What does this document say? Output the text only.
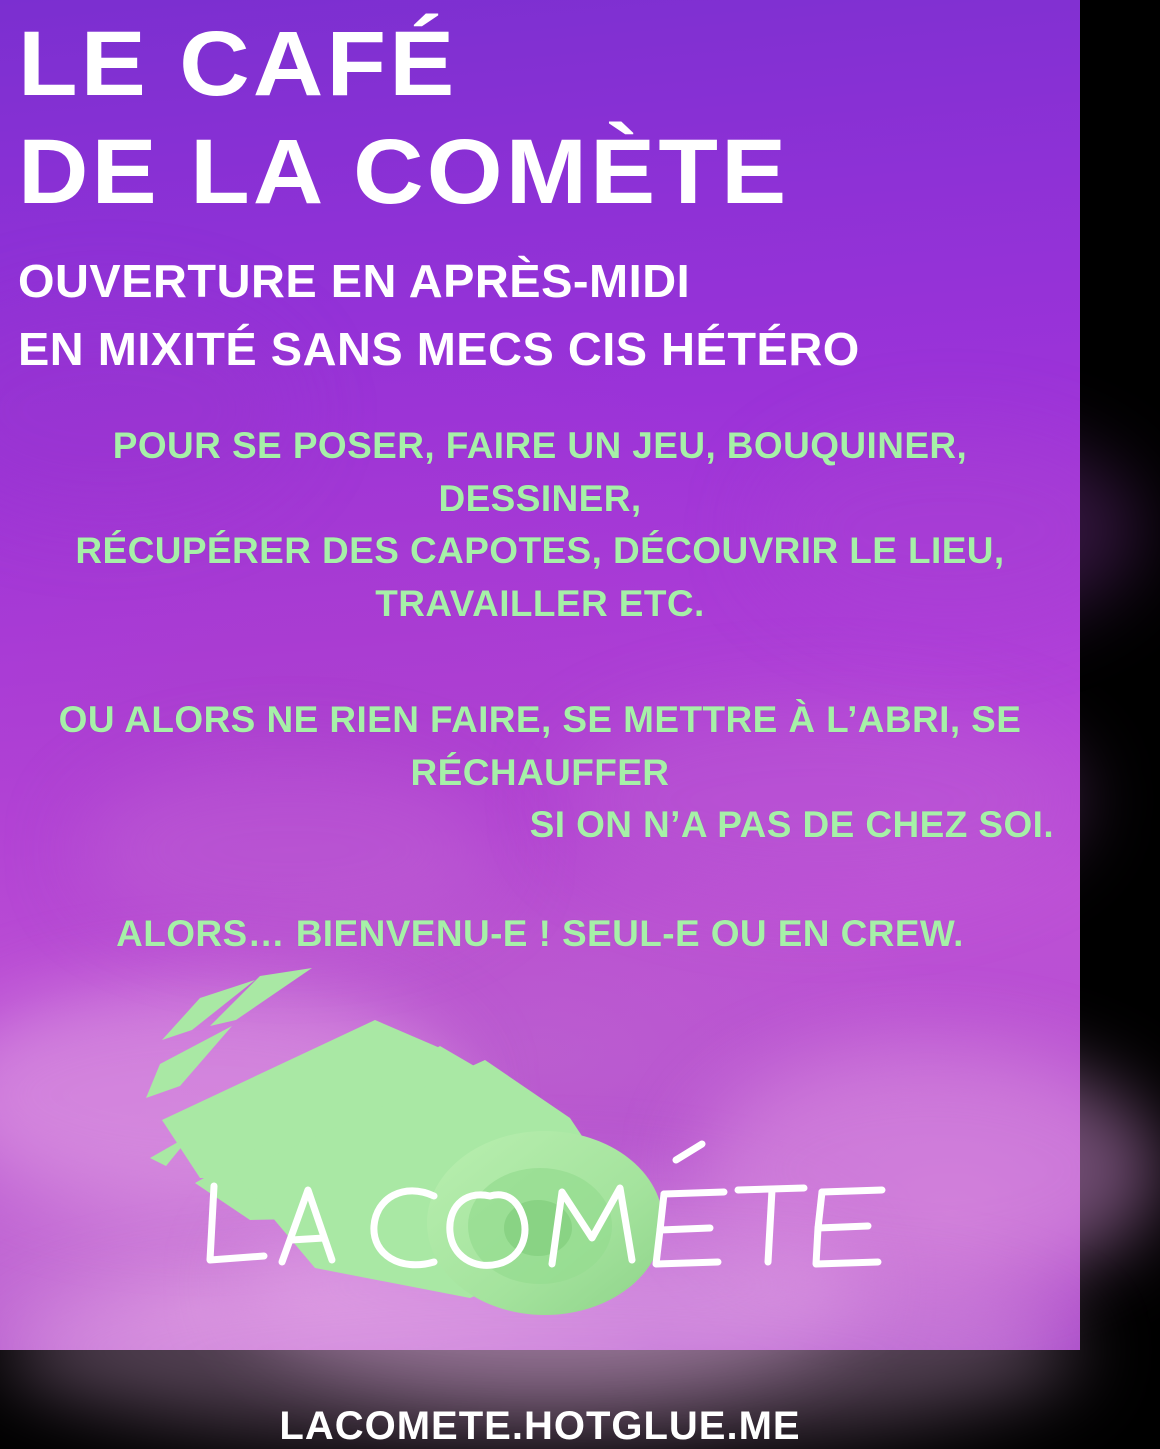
LE CAFÉ
DE LA COMÈTE
OUVERTURE EN APRÈS-MIDI
EN MIXITÉ SANS MECS CIS HÉTÉRO

POUR SE POSER, FAIRE UN JEU, BOUQUINER, DESSINER,

RÉCUPÉRER DES CAPOTES, DÉCOUVRIR LE LIEU, TRAVAILLER ETC.

OU ALORS NE RIEN FAIRE, SE METTRE À L’ABRI, SE RÉCHAUFFER

SI ON N’A PAS DE CHEZ SOI.

ALORS… BIENVENU-E ! SEUL-E OU EN CREW.

LA COMÈTE
LACOMETE.HOTGLUE.ME
